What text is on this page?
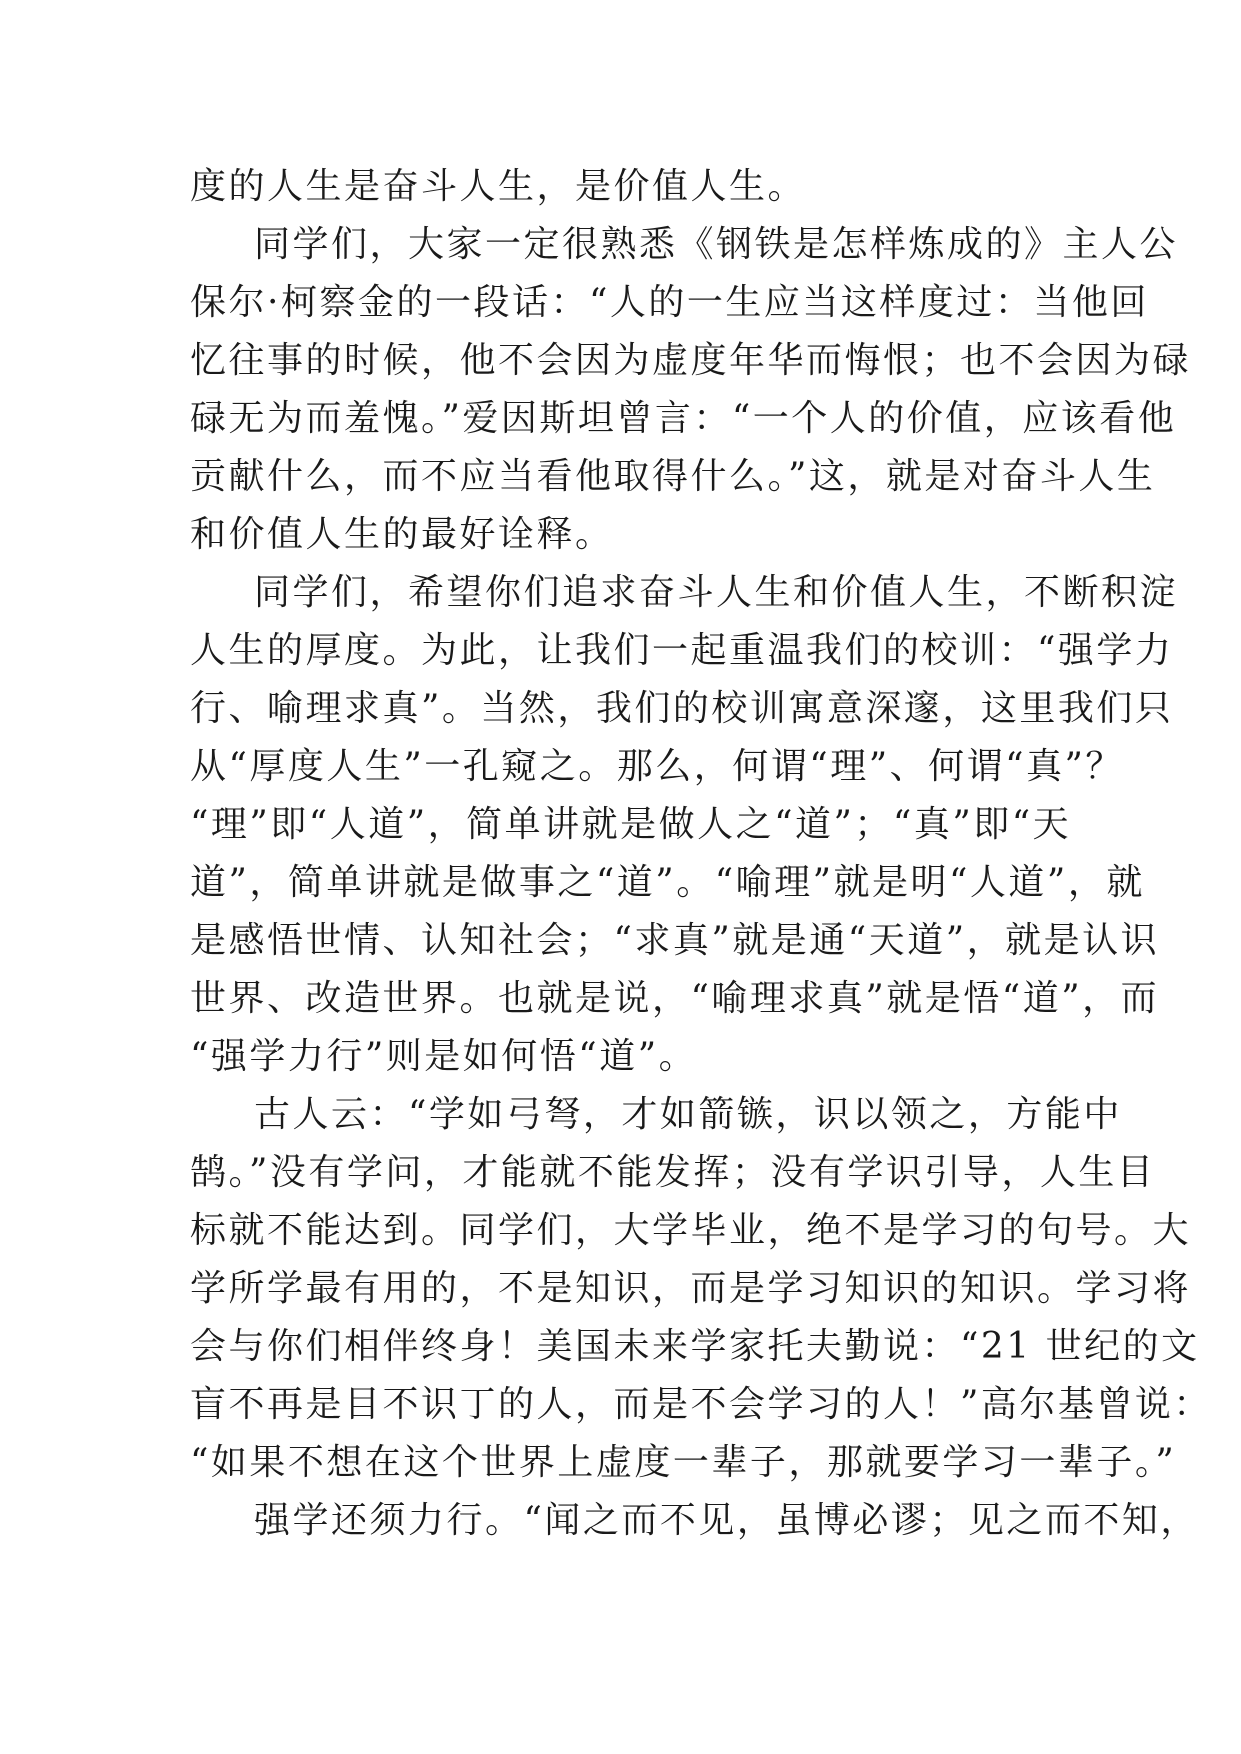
度的人生是奋斗人生，是价值人生。
同学们，大家一定很熟悉《钢铁是怎样炼成的》主人公
保尔·柯察金的一段话：“人的一生应当这样度过：当他回
忆往事的时候，他不会因为虚度年华而悔恨；也不会因为碌
碌无为而羞愧。”爱因斯坦曾言：“一个人的价值，应该看他
贡献什么，而不应当看他取得什么。”这，就是对奋斗人生
和价值人生的最好诠释。
同学们，希望你们追求奋斗人生和价值人生，不断积淀
人生的厚度。为此，让我们一起重温我们的校训：“强学力
行、喻理求真”。当然，我们的校训寓意深邃，这里我们只
从“厚度人生”一孔窥之。那么，何谓“理”、何谓“真”？
“理”即“人道”，简单讲就是做人之“道”；“真”即“天
道”，简单讲就是做事之“道”。“喻理”就是明“人道”，就
是感悟世情、认知社会；“求真”就是通“天道”，就是认识
世界、改造世界。也就是说，“喻理求真”就是悟“道”，而
“强学力行”则是如何悟“道”。
古人云：“学如弓弩，才如箭镞，识以领之，方能中
鹄。”没有学问，才能就不能发挥；没有学识引导，人生目
标就不能达到。同学们，大学毕业，绝不是学习的句号。大
学所学最有用的，不是知识，而是学习知识的知识。学习将
会与你们相伴终身！美国未来学家托夫勤说：“21 世纪的文
盲不再是目不识丁的人，而是不会学习的人！”高尔基曾说：
“如果不想在这个世界上虚度一辈子，那就要学习一辈子。”
强学还须力行。“闻之而不见，虽博必谬；见之而不知，
